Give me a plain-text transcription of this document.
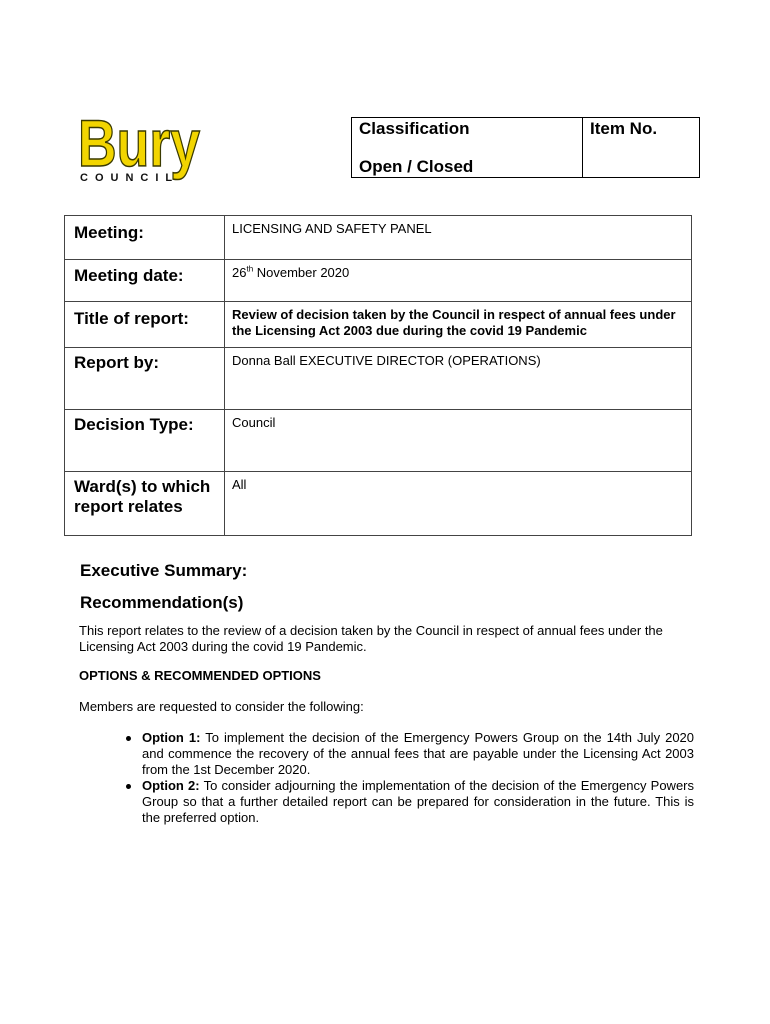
Bury
COUNCIL
Classification
Open / Closed
Item No.
Meeting:	LICENSING AND SAFETY PANEL
Meeting date:	26th November 2020
Title of report:	Review of decision taken by the Council in respect of annual fees under the Licensing Act 2003 due during the covid 19 Pandemic
Report by:	Donna Ball EXECUTIVE DIRECTOR (OPERATIONS)
Decision Type:	Council
Ward(s) to which report relates	All
Executive Summary:
Recommendation(s)
This report relates to the review of a decision taken by the Council in respect of annual fees under the Licensing Act 2003 during the covid 19 Pandemic.
OPTIONS & RECOMMENDED OPTIONS
Members are requested to consider the following:
Option 1: To implement the decision of the Emergency Powers Group on the 14th July 2020 and commence the recovery of the annual fees that are payable under the Licensing Act 2003 from the 1st December 2020.
Option 2: To consider adjourning the implementation of the decision of the Emergency Powers Group so that a further detailed report can be prepared for consideration in the future. This is the preferred option.
